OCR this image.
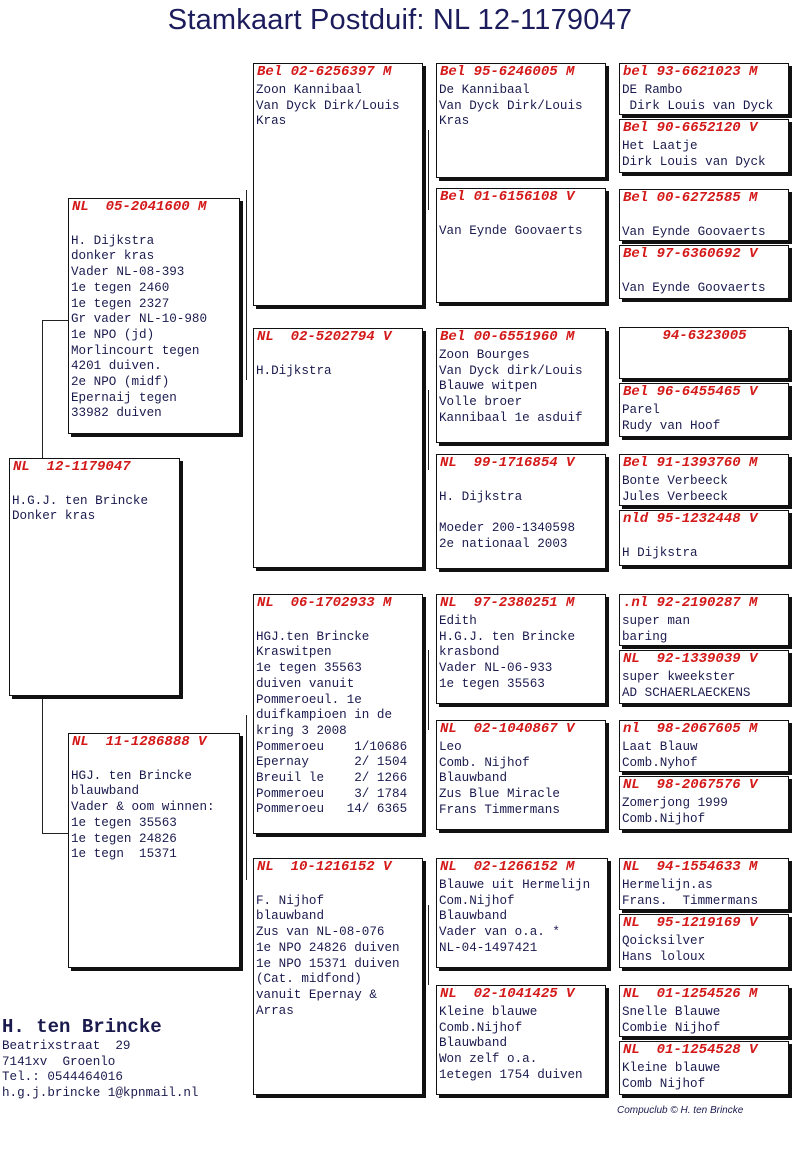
Stamkaart Postduif: NL 12-1179047
NL  12-1179047

H.G.J. ten Brincke
Donker kras
NL  05-2041600 M

H. Dijkstra
donker kras
Vader NL-08-393
1e tegen 2460
1e tegen 2327
Gr vader NL-10-980
1e NPO (jd)
Morlincourt tegen
4201 duiven.
2e NPO (midf)
Epernaij tegen
33982 duiven
NL  11-1286888 V

HGJ. ten Brincke
blauwband
Vader & oom winnen:
1e tegen 35563
1e tegen 24826
1e tegn  15371
Bel 02-6256397 M
Zoon Kannibaal
Van Dyck Dirk/Louis
Kras
NL  02-5202794 V

H.Dijkstra
NL  06-1702933 M

HGJ.ten Brincke
Kraswitpen
1e tegen 35563
duiven vanuit
Pommeroeul. 1e
duifkampioen in de
kring 3 2008
Pommeroeu    1/10686
Epernay      2/ 1504
Breuil le    2/ 1266
Pommeroeu    3/ 1784
Pommeroeu   14/ 6365
NL  10-1216152 V

F. Nijhof
blauwband
Zus van NL-08-076
1e NPO 24826 duiven
1e NPO 15371 duiven
(Cat. midfond)
vanuit Epernay &
Arras
Bel 95-6246005 M
De Kannibaal
Van Dyck Dirk/Louis
Kras
Bel 01-6156108 V

Van Eynde Goovaerts
Bel 00-6551960 M
Zoon Bourges
Van Dyck dirk/Louis
Blauwe witpen
Volle broer
Kannibaal 1e asduif
NL  99-1716854 V

H. Dijkstra

Moeder 200-1340598
2e nationaal 2003
NL  97-2380251 M
Edith
H.G.J. ten Brincke
krasbond
Vader NL-06-933
1e tegen 35563
NL  02-1040867 V
Leo
Comb. Nijhof
Blauwband
Zus Blue Miracle
Frans Timmermans
NL  02-1266152 M
Blauwe uit Hermelijn
Com.Nijhof
Blauwband
Vader van o.a. *
NL-04-1497421
NL  02-1041425 V
Kleine blauwe
Comb.Nijhof
Blauwband
Won zelf o.a.
1etegen 1754 duiven
bel 93-6621023 M
DE Rambo
Dirk Louis van Dyck
Bel 90-6652120 V
Het Laatje
Dirk Louis van Dyck
Bel 00-6272585 M

Van Eynde Goovaerts
Bel 97-6360692 V

Van Eynde Goovaerts
94-6323005
Bel 96-6455465 V
Parel
Rudy van Hoof
Bel 91-1393760 M
Bonte Verbeeck
Jules Verbeeck
nld 95-1232448 V

H Dijkstra
.nl 92-2190287 M
super man
baring
NL  92-1339039 V
super kweekster
AD SCHAERLAECKENS
nl  98-2067605 M
Laat Blauw
Comb.Nyhof
NL  98-2067576 V
Zomerjong 1999
Comb.Nijhof
NL  94-1554633 M
Hermelijn.as
Frans.  Timmermans
NL  95-1219169 V
Qoicksilver
Hans loloux
NL  01-1254526 M
Snelle Blauwe
Combie Nijhof
NL  01-1254528 V
Kleine blauwe
Comb Nijhof
H. ten Brincke
Beatrixstraat  29
7141xv  Groenlo
Tel.: 0544464016
h.g.j.brincke 1@kpnmail.nl
Compuclub © H. ten Brincke
